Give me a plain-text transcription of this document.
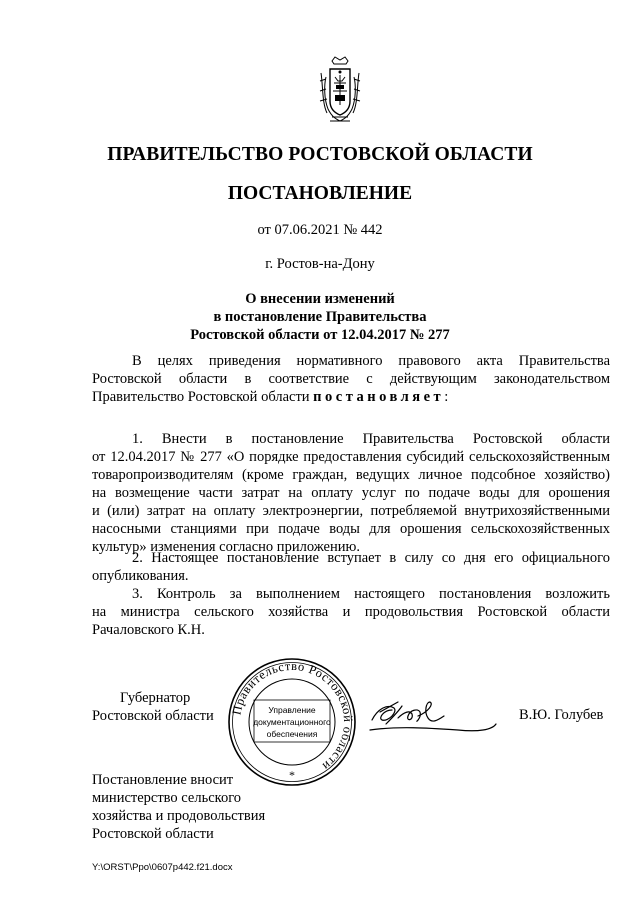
ПРАВИТЕЛЬСТВО РОСТОВСКОЙ ОБЛАСТИ
ПОСТАНОВЛЕНИЕ
от 07.06.2021 № 442
г. Ростов-на-Дону
О внесении изменений
в постановление Правительства
Ростовской области от 12.04.2017 № 277
В целях приведения нормативного правового акта Правительства
Ростовской области в соответствие с действующим законодательством
Правительство Ростовской области постановляет:
1. Внести в постановление Правительства Ростовской области
от 12.04.2017 № 277 «О порядке предоставления субсидий сельскохозяйственным
товаропроизводителям (кроме граждан, ведущих личное подсобное хозяйство)
на возмещение части затрат на оплату услуг по подаче воды для орошения
и (или) затрат на оплату электроэнергии, потребляемой внутрихозяйственными
насосными станциями при подаче воды для орошения сельскохозяйственных
культур» изменения согласно приложению.
2. Настоящее постановление вступает в силу со дня его официального
опубликования.
3. Контроль за выполнением настоящего постановления возложить
на министра сельского хозяйства и продовольствия Ростовской области
Рачаловского К.Н.
Губернатор
Ростовской области Правительство Ростовской области
Управление
документационного
обеспечения
*
В.Ю. Голубев
Постановление вносит
министерство сельского
хозяйства и продовольствия
Ростовской области
Y:\ORST\Ppo\0607p442.f21.docx
